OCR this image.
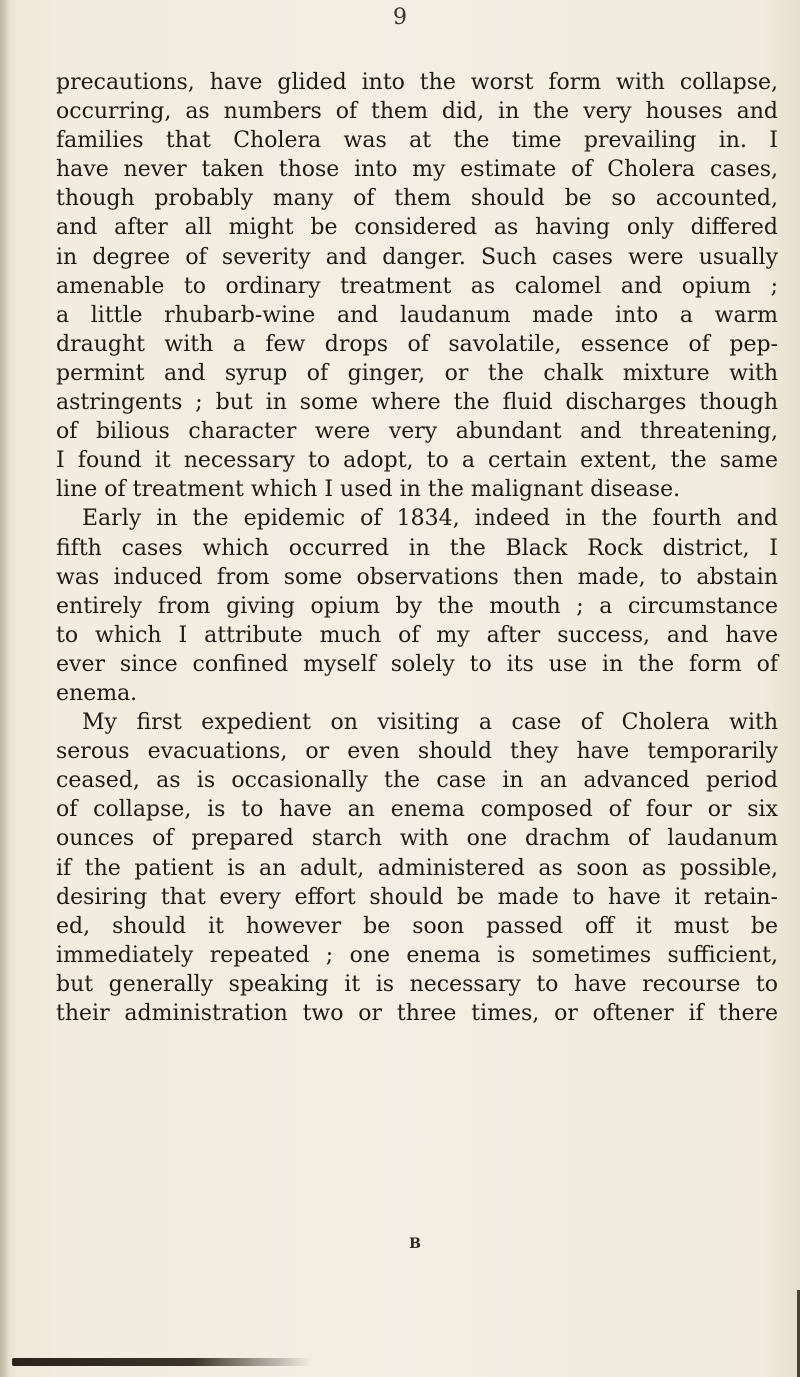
9
precautions, have glided into the worst form with collapse,
occurring, as numbers of them did, in the very houses and
families that Cholera was at the time prevailing in. I
have never taken those into my estimate of Cholera cases,
though probably many of them should be so accounted,
and after all might be considered as having only differed
in degree of severity and danger. Such cases were usually
amenable to ordinary treatment as calomel and opium ;
a little rhubarb-wine and laudanum made into a warm
draught with a few drops of savolatile, essence of pep-
permint and syrup of ginger, or the chalk mixture with
astringents ; but in some where the fluid discharges though
of bilious character were very abundant and threatening,
I found it necessary to adopt, to a certain extent, the same
line of treatment which I used in the malignant disease.
Early in the epidemic of 1834, indeed in the fourth and
fifth cases which occurred in the Black Rock district, I
was induced from some observations then made, to abstain
entirely from giving opium by the mouth ; a circumstance
to which I attribute much of my after success, and have
ever since confined myself solely to its use in the form of
enema.
My first expedient on visiting a case of Cholera with
serous evacuations, or even should they have temporarily
ceased, as is occasionally the case in an advanced period
of collapse, is to have an enema composed of four or six
ounces of prepared starch with one drachm of laudanum
if the patient is an adult, administered as soon as possible,
desiring that every effort should be made to have it retain-
ed, should it however be soon passed off it must be
immediately repeated ; one enema is sometimes sufficient,
but generally speaking it is necessary to have recourse to
their administration two or three times, or oftener if there
B
